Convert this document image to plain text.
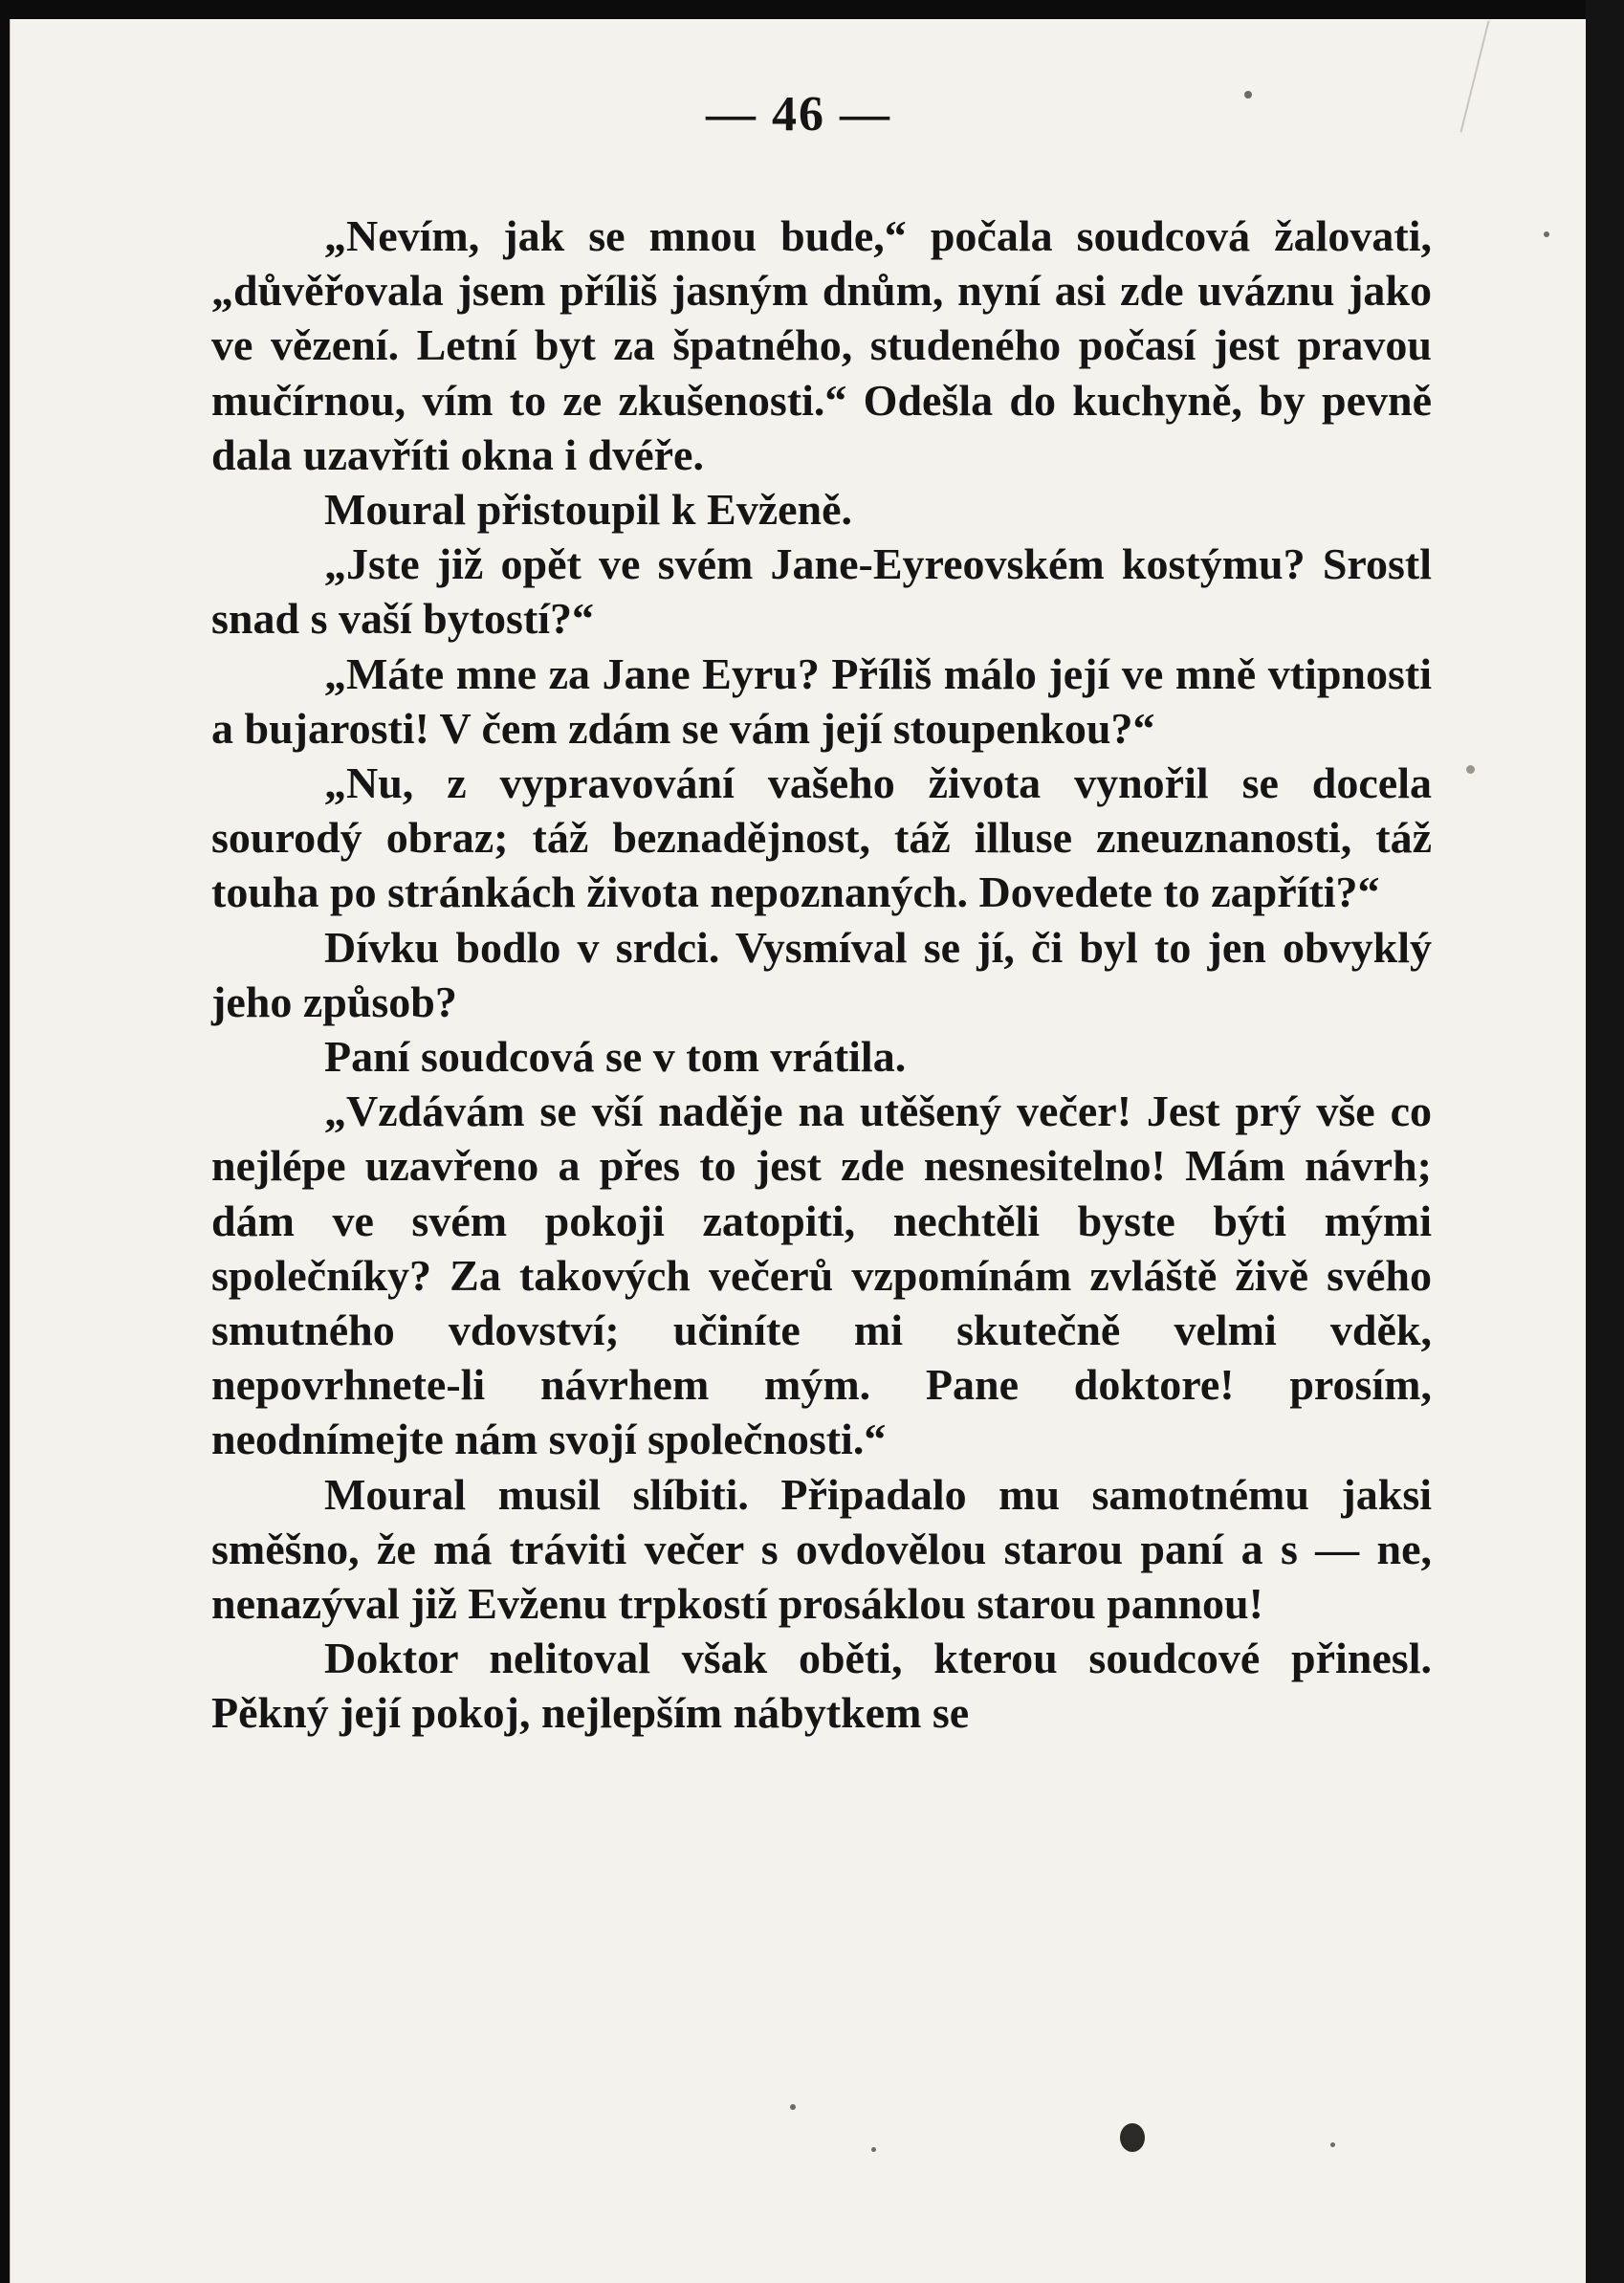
— 46 —

„Nevím, jak se mnou bude,“ počala soudcová žalovati, „důvěřovala jsem příliš jasným dnům, nyní asi zde uváznu jako ve vězení. Letní byt za špatného, studeného počasí jest pravou mučírnou, vím to ze zkušenosti.“ Odešla do kuchyně, by pevně dala uzavříti okna i dvéře.

Moural přistoupil k Evženě.

„Jste již opět ve svém Jane-Eyreovském kostýmu? Srostl snad s vaší bytostí?“

„Máte mne za Jane Eyru? Příliš málo její ve mně vtipnosti a bujarosti! V čem zdám se vám její stoupenkou?“

„Nu, z vypravování vašeho života vynořil se docela sourodý obraz; táž beznadějnost, táž illuse zneuznanosti, táž touha po stránkách života nepoznaných. Dovedete to zapříti?“

Dívku bodlo v srdci. Vysmíval se jí, či byl to jen obvyklý jeho způsob?

Paní soudcová se v tom vrátila.

„Vzdávám se vší naděje na utěšený večer! Jest prý vše co nejlépe uzavřeno a přes to jest zde nesnesitelno! Mám návrh; dám ve svém pokoji zatopiti, nechtěli byste býti mými společníky? Za takových večerů vzpomínám zvláště živě svého smutného vdovství; učiníte mi skutečně velmi vděk, nepovrhnete-li návrhem mým. Pane doktore! prosím, neodnímejte nám svojí společnosti.“

Moural musil slíbiti. Připadalo mu samotnému jaksi směšno, že má tráviti večer s ovdovělou starou paní a s — ne, nenazýval již Evženu trpkostí prosáklou starou pannou!

Doktor nelitoval však oběti, kterou soudcové přinesl. Pěkný její pokoj, nejlepším nábytkem se
